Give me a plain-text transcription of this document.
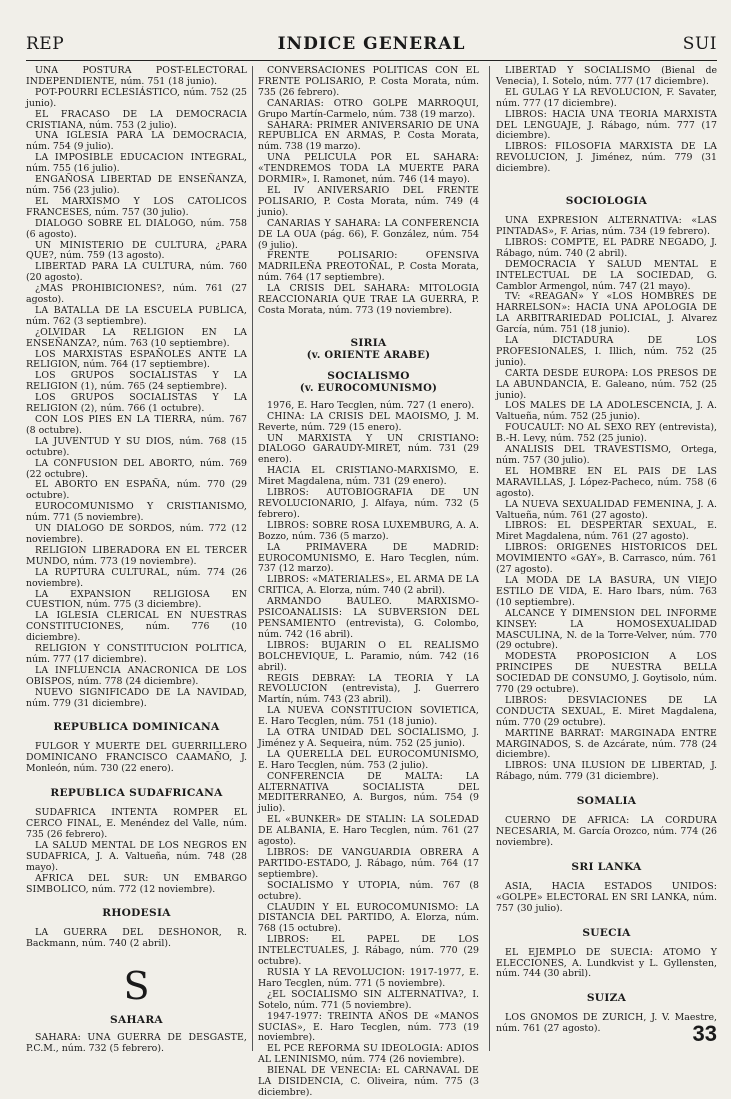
REP	INDICE GENERAL	SUI

UNA POSTURA POST-ELECTORAL INDEPENDIENTE, núm. 751 (18 junio).

POT-POURRI ECLESIÁSTICO, núm. 752 (25 junio).

EL FRACASO DE LA DEMOCRACIA CRISTIANA, núm. 753 (2 julio).

UNA IGLESIA PARA LA DEMOCRACIA, núm. 754 (9 julio).

LA IMPOSIBLE EDUCACION INTEGRAL, núm. 755 (16 julio).

ENGAÑOSA LIBERTAD DE ENSEÑANZA, núm. 756 (23 julio).

EL MARXISMO Y LOS CATOLICOS FRANCESES, núm. 757 (30 julio).

DIALOGO SOBRE EL DIALOGO, núm. 758 (6 agosto).

UN MINISTERIO DE CULTURA, ¿PARA QUE?, núm. 759 (13 agosto).

LIBERTAD PARA LA CULTURA, núm. 760 (20 agosto).

¿MAS PROHIBICIONES?, núm. 761 (27 agosto).

LA BATALLA DE LA ESCUELA PUBLICA, núm. 762 (3 septiembre).

¿OLVIDAR LA RELIGION EN LA ENSEÑANZA?, núm. 763 (10 septiembre).

LOS MARXISTAS ESPAÑOLES ANTE LA RELIGION, núm. 764 (17 septiembre).

LOS GRUPOS SOCIALISTAS Y LA RELIGION (1), núm. 765 (24 septiembre).

LOS GRUPOS SOCIALISTAS Y LA RELIGION (2), núm. 766 (1 octubre).

CON LOS PIES EN LA TIERRA, núm. 767 (8 octubre).

LA JUVENTUD Y SU DIOS, núm. 768 (15 octubre).

LA CONFUSION DEL ABORTO, núm. 769 (22 octubre).

EL ABORTO EN ESPAÑA, núm. 770 (29 octubre).

EUROCOMUNISMO Y CRISTIANISMO, núm. 771 (5 noviembre).

UN DIALOGO DE SORDOS, núm. 772 (12 noviembre).

RELIGION LIBERADORA EN EL TERCER MUNDO, núm. 773 (19 noviembre).

LA RUPTURA CULTURAL, núm. 774 (26 noviembre).

LA EXPANSION RELIGIOSA EN CUESTION, núm. 775 (3 diciembre).

LA IGLESIA CLERICAL EN NUESTRAS CONSTITUCIONES, núm. 776 (10 diciembre).

RELIGION Y CONSTITUCION POLITICA, núm. 777 (17 diciembre).

LA INFLUENCIA ANACRONICA DE LOS OBISPOS, núm. 778 (24 diciembre).

NUEVO SIGNIFICADO DE LA NAVIDAD, núm. 779 (31 diciembre).

REPUBLICA DOMINICANA

FULGOR Y MUERTE DEL GUERRILLERO DOMINICANO FRANCISCO CAAMAÑO, J. Monleón, núm. 730 (22 enero).

REPUBLICA SUDAFRICANA

SUDAFRICA INTENTA ROMPER EL CERCO FINAL, E. Menéndez del Valle, núm. 735 (26 febrero).

LA SALUD MENTAL DE LOS NEGROS EN SUDAFRICA, J. A. Valtueña, núm. 748 (28 mayo).

AFRICA DEL SUR: UN EMBARGO SIMBOLICO, núm. 772 (12 noviembre).

RHODESIA

LA GUERRA DEL DESHONOR, R. Backmann, núm. 740 (2 abril).

S
SAHARA

SAHARA: UNA GUERRA DE DESGASTE, P.C.M., núm. 732 (5 febrero).

CONVERSACIONES POLITICAS CON EL FRENTE POLISARIO, P. Costa Morata, núm. 735 (26 febrero).

CANARIAS: OTRO GOLPE MARROQUI, Grupo Martín-Carmelo, núm. 738 (19 marzo).

SAHARA: PRIMER ANIVERSARIO DE UNA REPUBLICA EN ARMAS, P. Costa Morata, núm. 738 (19 marzo).

UNA PELICULA POR EL SAHARA: «TENDREMOS TODA LA MUERTE PARA DORMIR», I. Ramonet, núm. 746 (14 mayo).

EL IV ANIVERSARIO DEL FRENTE POLISARIO, P. Costa Morata, núm. 749 (4 junio).

CANARIAS Y SAHARA: LA CONFERENCIA DE LA OUA (pág. 66), F. González, núm. 754 (9 julio).

FRENTE POLISARIO: OFENSIVA MADRILEÑA PREOTOÑAL, P. Costa Morata, núm. 764 (17 septiembre).

LA CRISIS DEL SAHARA: MITOLOGIA REACCIONARIA QUE TRAE LA GUERRA, P. Costa Morata, núm. 773 (19 noviembre).

SIRIA
(v. ORIENTE ARABE)
SOCIALISMO
(v. EUROCOMUNISMO)

1976, E. Haro Tecglen, núm. 727 (1 enero).

CHINA: LA CRISIS DEL MAOISMO, J. M. Reverte, núm. 729 (15 enero).

UN MARXISTA Y UN CRISTIANO: DIALOGO GARAUDY-MIRET, núm. 731 (29 enero).

HACIA EL CRISTIANO-MARXISMO, E. Miret Magdalena, núm. 731 (29 enero).

LIBROS: AUTOBIOGRAFIA DE UN REVOLUCIONARIO, J. Alfaya, núm. 732 (5 febrero).

LIBROS: SOBRE ROSA LUXEMBURG, A. A. Bozzo, núm. 736 (5 marzo).

LA PRIMAVERA DE MADRID: EUROCOMUNISMO, E. Haro Tecglen, núm. 737 (12 marzo).

LIBROS: «MATERIALES», EL ARMA DE LA CRITICA, A. Elorza, núm. 740 (2 abril).

ARMANDO BAULEO. MARXISMO-PSICOANALISIS: LA SUBVERSION DEL PENSAMIENTO (entrevista), G. Colombo, núm. 742 (16 abril).

LIBROS: BUJARIN O EL REALISMO BOLCHEVIQUE, L. Paramio, núm. 742 (16 abril).

REGIS DEBRAY: LA TEORIA Y LA REVOLUCION (entrevista), J. Guerrero Martín, núm. 743 (23 abril).

LA NUEVA CONSTITUCION SOVIETICA, E. Haro Tecglen, núm. 751 (18 junio).

LA OTRA UNIDAD DEL SOCIALISMO, J. Jiménez y A. Sequeira, núm. 752 (25 junio).

LA QUERELLA DEL EUROCOMUNISMO, E. Haro Tecglen, núm. 753 (2 julio).

CONFERENCIA DE MALTA: LA ALTERNATIVA SOCIALISTA DEL MEDITERRANEO, A. Burgos, núm. 754 (9 julio).

EL «BUNKER» DE STALIN: LA SOLEDAD DE ALBANIA, E. Haro Tecglen, núm. 761 (27 agosto).

LIBROS: DE VANGUARDIA OBRERA A PARTIDO-ESTADO, J. Rábago, núm. 764 (17 septiembre).

SOCIALISMO Y UTOPIA, núm. 767 (8 octubre).

CLAUDIN Y EL EUROCOMUNISMO: LA DISTANCIA DEL PARTIDO, A. Elorza, núm. 768 (15 octubre).

LIBROS: EL PAPEL DE LOS INTELECTUALES, J. Rábago, núm. 770 (29 octubre).

RUSIA Y LA REVOLUCION: 1917-1977, E. Haro Tecglen, núm. 771 (5 noviembre).

¿EL SOCIALISMO SIN ALTERNATIVA?, I. Sotelo, núm. 771 (5 noviembre).

1947-1977: TREINTA AÑOS DE «MANOS SUCIAS», E. Haro Tecglen, núm. 773 (19 noviembre).

EL PCE REFORMA SU IDEOLOGIA: ADIOS AL LENINISMO, núm. 774 (26 noviembre).

BIENAL DE VENECIA: EL CARNAVAL DE LA DISIDENCIA, C. Oliveira, núm. 775 (3 diciembre).

LIBERTAD Y SOCIALISMO (Bienal de Venecia), I. Sotelo, núm. 777 (17 diciembre).

EL GULAG Y LA REVOLUCION, F. Savater, núm. 777 (17 diciembre).

LIBROS: HACIA UNA TEORIA MARXISTA DEL LENGUAJE, J. Rábago, núm. 777 (17 diciembre).

LIBROS: FILOSOFIA MARXISTA DE LA REVOLUCION, J. Jiménez, núm. 779 (31 diciembre).

SOCIOLOGIA

UNA EXPRESION ALTERNATIVA: «LAS PINTADAS», F. Arias, núm. 734 (19 febrero).

LIBROS: COMPTE, EL PADRE NEGADO, J. Rábago, núm. 740 (2 abril).

DEMOCRACIA Y SALUD MENTAL E INTELECTUAL DE LA SOCIEDAD, G. Camblor Armengol, núm. 747 (21 mayo).

TV: «REAGAN» Y «LOS HOMBRES DE HARRELSON»: HACIA UNA APOLOGIA DE LA ARBITRARIEDAD POLICIAL, J. Alvarez García, núm. 751 (18 junio).

LA DICTADURA DE LOS PROFESIONALES, I. Illich, núm. 752 (25 junio).

CARTA DESDE EUROPA: LOS PRESOS DE LA ABUNDANCIA, E. Galeano, núm. 752 (25 junio).

LOS MALES DE LA ADOLESCENCIA, J. A. Valtueña, núm. 752 (25 junio).

FOUCAULT: NO AL SEXO REY (entrevista), B.-H. Levy, núm. 752 (25 junio).

ANALISIS DEL TRAVESTISMO, Ortega, núm. 757 (30 julio).

EL HOMBRE EN EL PAIS DE LAS MARAVILLAS, J. López-Pacheco, núm. 758 (6 agosto).

LA NUEVA SEXUALIDAD FEMENINA, J. A. Valtueña, núm. 761 (27 agosto).

LIBROS: EL DESPERTAR SEXUAL, E. Miret Magdalena, núm. 761 (27 agosto).

LIBROS: ORIGENES HISTORICOS DEL MOVIMIENTO «GAY», B. Carrasco, núm. 761 (27 agosto).

LA MODA DE LA BASURA, UN VIEJO ESTILO DE VIDA, E. Haro Ibars, núm. 763 (10 septiembre).

ALCANCE Y DIMENSION DEL INFORME KINSEY: LA HOMOSEXUALIDAD MASCULINA, N. de la Torre-Velver, núm. 770 (29 octubre).

MODESTA PROPOSICION A LOS PRINCIPES DE NUESTRA BELLA SOCIEDAD DE CONSUMO, J. Goytisolo, núm. 770 (29 octubre).

LIBROS: DESVIACIONES DE LA CONDUCTA SEXUAL, E. Miret Magdalena, núm. 770 (29 octubre).

MARTINE BARRAT: MARGINADA ENTRE MARGINADOS, S. de Azcárate, núm. 778 (24 diciembre).

LIBROS: UNA ILUSION DE LIBERTAD, J. Rábago, núm. 779 (31 diciembre).

SOMALIA

CUERNO DE AFRICA: LA CORDURA NECESARIA, M. García Orozco, núm. 774 (26 noviembre).

SRI LANKA

ASIA, HACIA ESTADOS UNIDOS: «GOLPE» ELECTORAL EN SRI LANKA, núm. 757 (30 julio).

SUECIA

EL EJEMPLO DE SUECIA: ATOMO Y ELECCIONES, A. Lundkvist y L. Gyllensten, núm. 744 (30 abril).

SUIZA

LOS GNOMOS DE ZURICH, J. V. Maestre, núm. 761 (27 agosto).	33
